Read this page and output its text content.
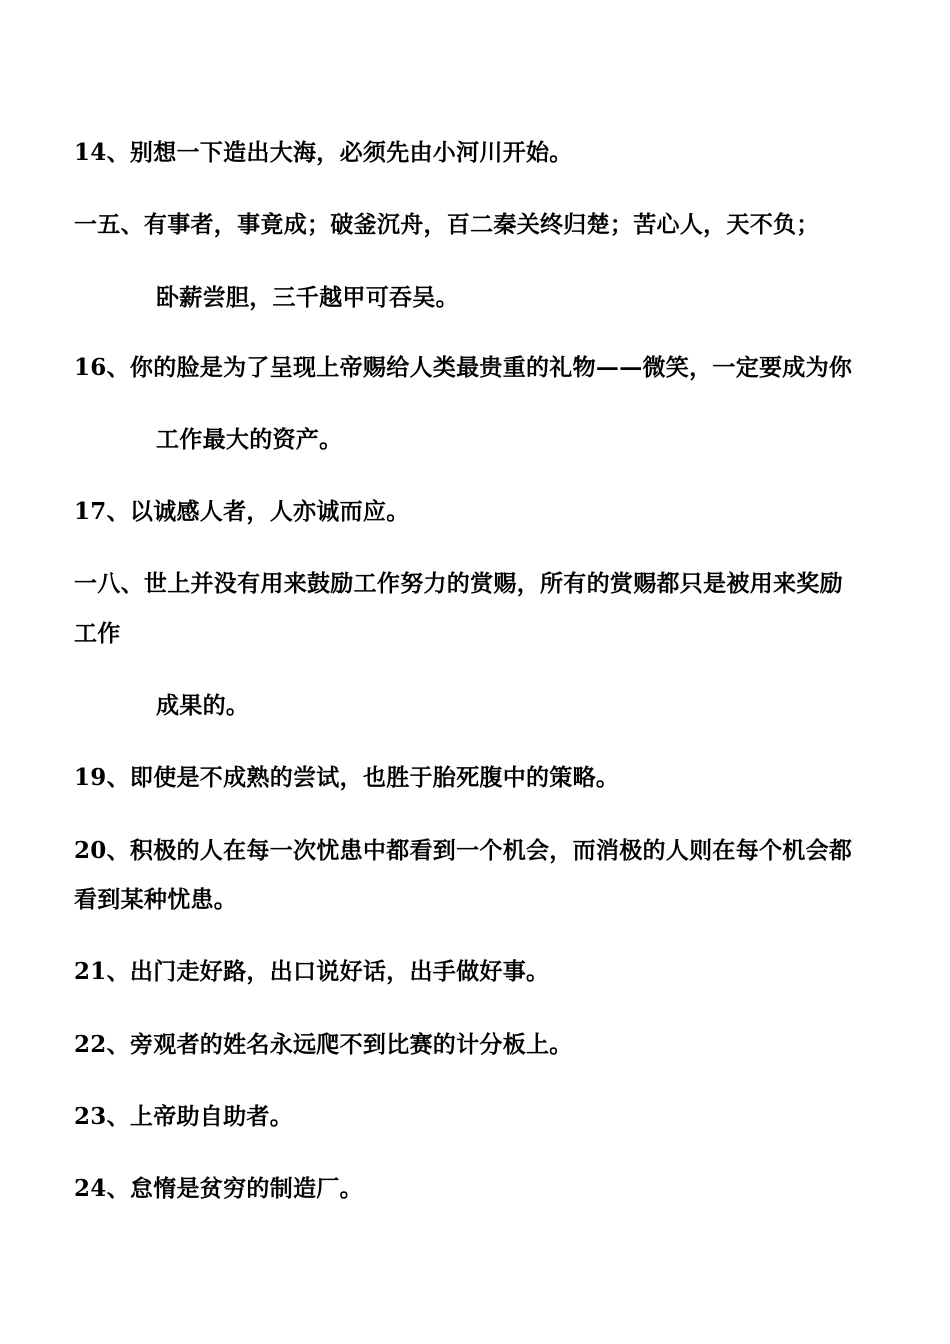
14、别想一下造出大海，必须先由小河川开始。
一五、有事者，事竟成；破釜沉舟，百二秦关终归楚；苦心人，天不负；
卧薪尝胆，三千越甲可吞吴。
16、你的脸是为了呈现上帝赐给人类最贵重的礼物——微笑，一定要成为你
工作最大的资产。
17、以诚感人者，人亦诚而应。
一八、世上并没有用来鼓励工作努力的赏赐，所有的赏赐都只是被用来奖励
工作
成果的。
19、即使是不成熟的尝试，也胜于胎死腹中的策略。
20、积极的人在每一次忧患中都看到一个机会，而消极的人则在每个机会都
看到某种忧患。
21、出门走好路，出口说好话，出手做好事。
22、旁观者的姓名永远爬不到比赛的计分板上。
23、上帝助自助者。
24、怠惰是贫穷的制造厂。
